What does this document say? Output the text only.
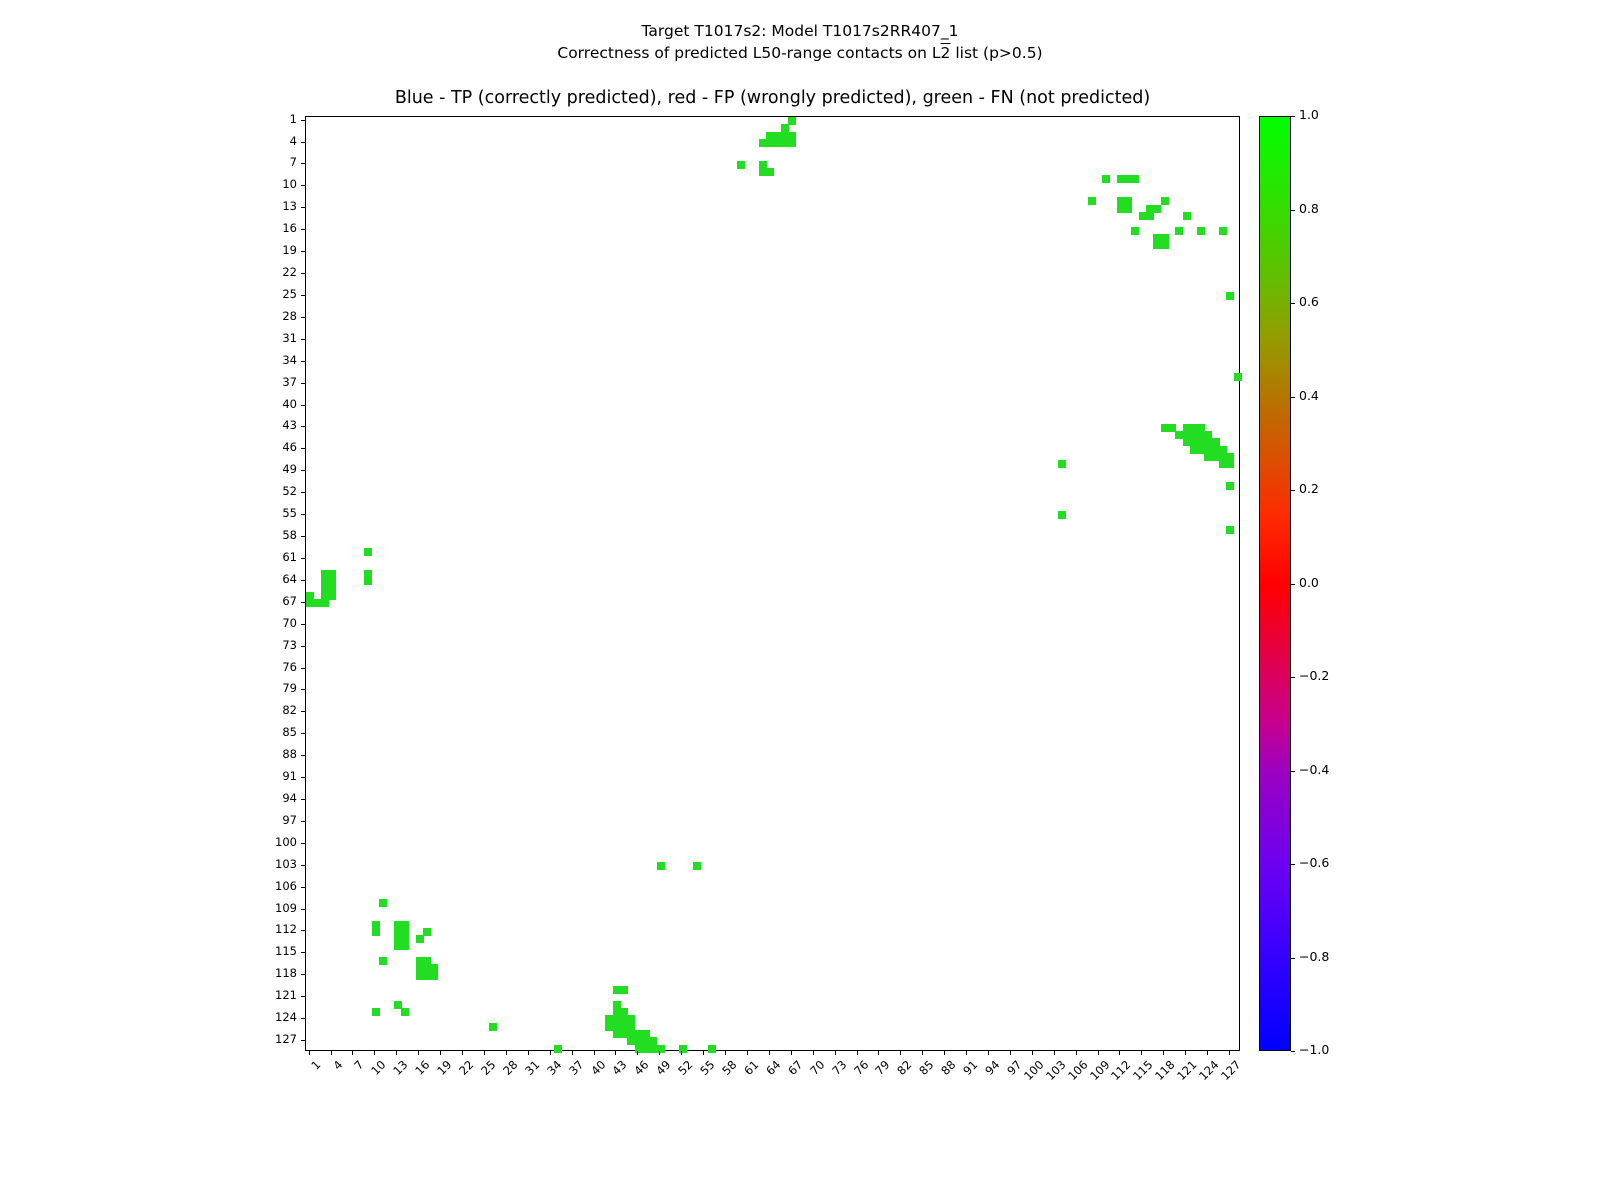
Target T1017s2: Model T1017s2RR407_1
Correctness of predicted L50-range contacts on L2 list (p>0.5)
Blue - TP (correctly predicted), red - FP (wrongly predicted), green - FN (not predicted)
1
4
7
10
13
16
19
22
25
28
31
34
37
40
43
46
49
52
55
58
61
64
67
70
73
76
79
82
85
88
91
94
97
100
103
106
109
112
115
118
121
124
127
1 4 7 10 13 16 19 22 25 28 31 34 37 40 43 46 49 52 55 58 61 64 67 70 73 76 79 82 85 88 91 94 97
100
103
106
109
112
115
118
121
124
127
1.0
0.8
0.6
0.4
0.2
0.0
−0.2
−0.4
−0.6
−0.8
−1.0
